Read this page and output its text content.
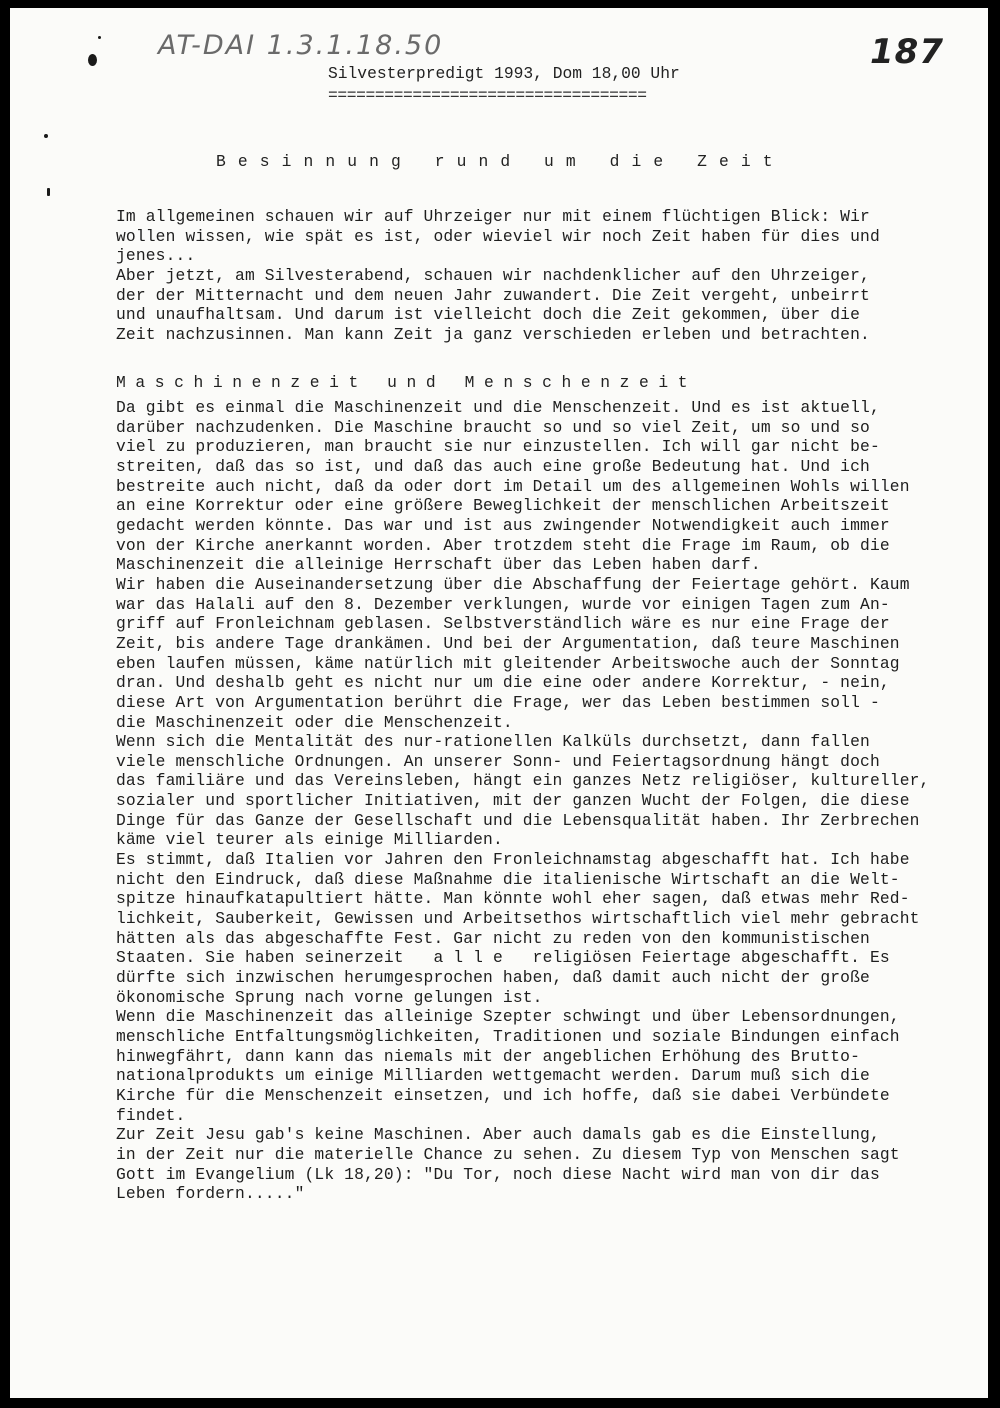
AT-DAI 1.3.1.18.50	187
Silvesterpredigt 1993, Dom 18,00 Uhr
==================================
Besinnung rund um die Zeit
Im allgemeinen schauen wir auf Uhrzeiger nur mit einem flüchtigen Blick: Wir
wollen wissen, wie spät es ist, oder wieviel wir noch Zeit haben für dies und
jenes...
Aber jetzt, am Silvesterabend, schauen wir nachdenklicher auf den Uhrzeiger,
der der Mitternacht und dem neuen Jahr zuwandert. Die Zeit vergeht, unbeirrt
und unaufhaltsam. Und darum ist vielleicht doch die Zeit gekommen, über die
Zeit nachzusinnen. Man kann Zeit ja ganz verschieden erleben und betrachten.
Maschinenzeit und Menschenzeit
Da gibt es einmal die Maschinenzeit und die Menschenzeit. Und es ist aktuell,
darüber nachzudenken. Die Maschine braucht so und so viel Zeit, um so und so
viel zu produzieren, man braucht sie nur einzustellen. Ich will gar nicht be-
streiten, daß das so ist, und daß das auch eine große Bedeutung hat. Und ich
bestreite auch nicht, daß da oder dort im Detail um des allgemeinen Wohls willen
an eine Korrektur oder eine größere Beweglichkeit der menschlichen Arbeitszeit
gedacht werden könnte. Das war und ist aus zwingender Notwendigkeit auch immer
von der Kirche anerkannt worden. Aber trotzdem steht die Frage im Raum, ob die
Maschinenzeit die alleinige Herrschaft über das Leben haben darf.
Wir haben die Auseinandersetzung über die Abschaffung der Feiertage gehört. Kaum
war das Halali auf den 8. Dezember verklungen, wurde vor einigen Tagen zum An-
griff auf Fronleichnam geblasen. Selbstverständlich wäre es nur eine Frage der
Zeit, bis andere Tage drankämen. Und bei der Argumentation, daß teure Maschinen
eben laufen müssen, käme natürlich mit gleitender Arbeitswoche auch der Sonntag
dran. Und deshalb geht es nicht nur um die eine oder andere Korrektur, - nein,
diese Art von Argumentation berührt die Frage, wer das Leben bestimmen soll -
die Maschinenzeit oder die Menschenzeit.
Wenn sich die Mentalität des nur-rationellen Kalküls durchsetzt, dann fallen
viele menschliche Ordnungen. An unserer Sonn- und Feiertagsordnung hängt doch
das familiäre und das Vereinsleben, hängt ein ganzes Netz religiöser, kultureller,
sozialer und sportlicher Initiativen, mit der ganzen Wucht der Folgen, die diese
Dinge für das Ganze der Gesellschaft und die Lebensqualität haben. Ihr Zerbrechen
käme viel teurer als einige Milliarden.
Es stimmt, daß Italien vor Jahren den Fronleichnamstag abgeschafft hat. Ich habe
nicht den Eindruck, daß diese Maßnahme die italienische Wirtschaft an die Welt-
spitze hinaufkatapultiert hätte. Man könnte wohl eher sagen, daß etwas mehr Red-
lichkeit, Sauberkeit, Gewissen und Arbeitsethos wirtschaftlich viel mehr gebracht
hätten als das abgeschaffte Fest. Gar nicht zu reden von den kommunistischen
Staaten. Sie haben seinerzeit   a l l e   religiösen Feiertage abgeschafft. Es
dürfte sich inzwischen herumgesprochen haben, daß damit auch nicht der große
ökonomische Sprung nach vorne gelungen ist.
Wenn die Maschinenzeit das alleinige Szepter schwingt und über Lebensordnungen,
menschliche Entfaltungsmöglichkeiten, Traditionen und soziale Bindungen einfach
hinwegfährt, dann kann das niemals mit der angeblichen Erhöhung des Brutto-
nationalprodukts um einige Milliarden wettgemacht werden. Darum muß sich die
Kirche für die Menschenzeit einsetzen, und ich hoffe, daß sie dabei Verbündete
findet.
Zur Zeit Jesu gab's keine Maschinen. Aber auch damals gab es die Einstellung,
in der Zeit nur die materielle Chance zu sehen. Zu diesem Typ von Menschen sagt
Gott im Evangelium (Lk 18,20): "Du Tor, noch diese Nacht wird man von dir das
Leben fordern....."
